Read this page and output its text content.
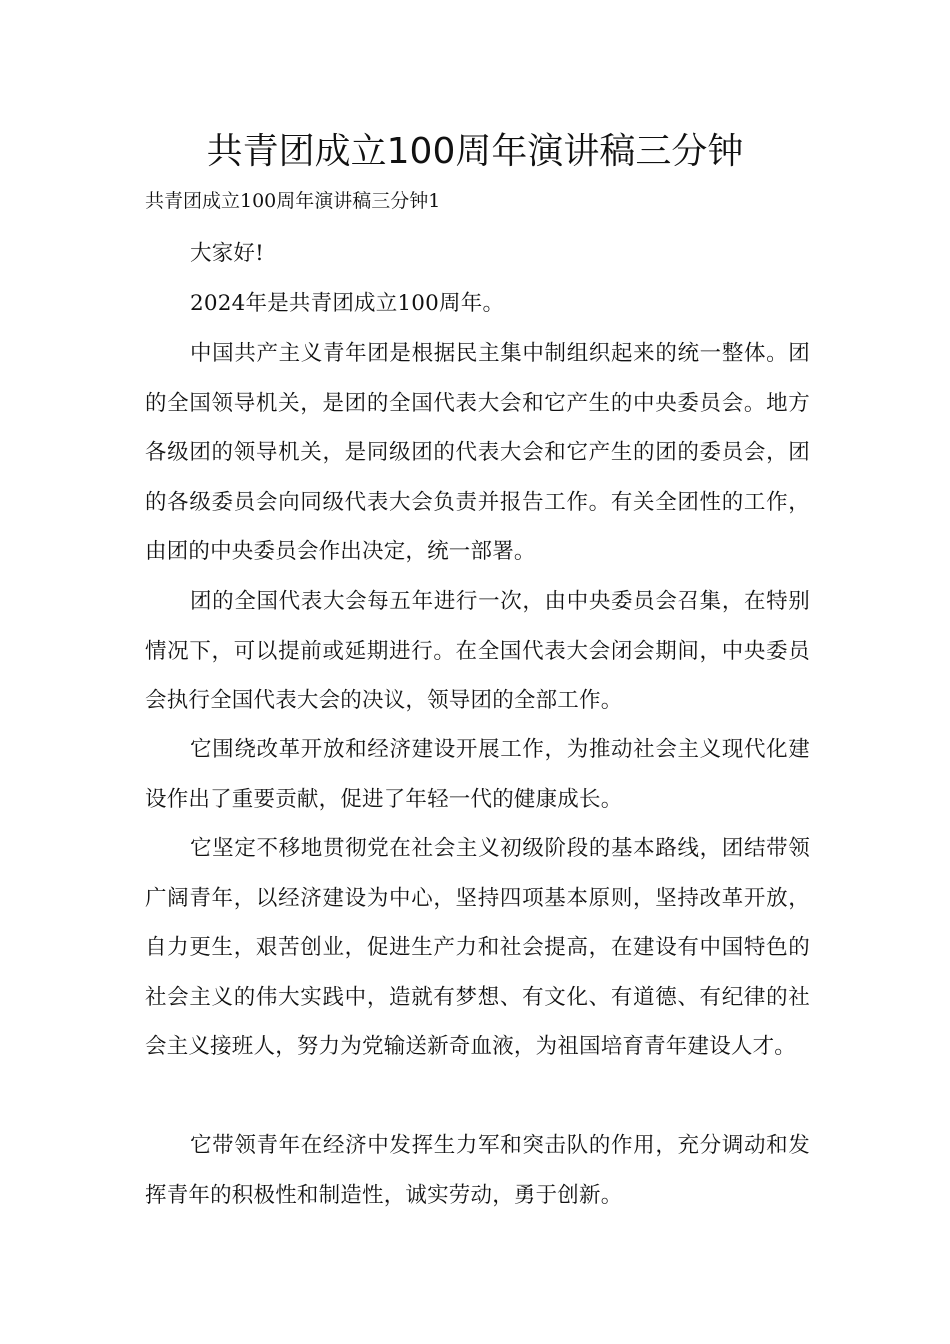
共青团成立100周年演讲稿三分钟
共青团成立100周年演讲稿三分钟1

大家好!

2024年是共青团成立100周年。

中国共产主义青年团是根据民主集中制组织起来的统一整体。团的全国领导机关，是团的全国代表大会和它产生的中央委员会。地方各级团的领导机关，是同级团的代表大会和它产生的团的委员会，团的各级委员会向同级代表大会负责并报告工作。有关全团性的工作，由团的中央委员会作出决定，统一部署。

团的全国代表大会每五年进行一次，由中央委员会召集，在特别情况下，可以提前或延期进行。在全国代表大会闭会期间，中央委员会执行全国代表大会的决议，领导团的全部工作。

它围绕改革开放和经济建设开展工作，为推动社会主义现代化建设作出了重要贡献，促进了年轻一代的健康成长。

它坚定不移地贯彻党在社会主义初级阶段的基本路线，团结带领广阔青年，以经济建设为中心，坚持四项基本原则，坚持改革开放，自力更生，艰苦创业，促进生产力和社会提高，在建设有中国特色的社会主义的伟大实践中，造就有梦想、有文化、有道德、有纪律的社会主义接班人，努力为党输送新奇血液，为祖国培育青年建设人才。

它带领青年在经济中发挥生力军和突击队的作用，充分调动和发挥青年的积极性和制造性，诚实劳动，勇于创新。
